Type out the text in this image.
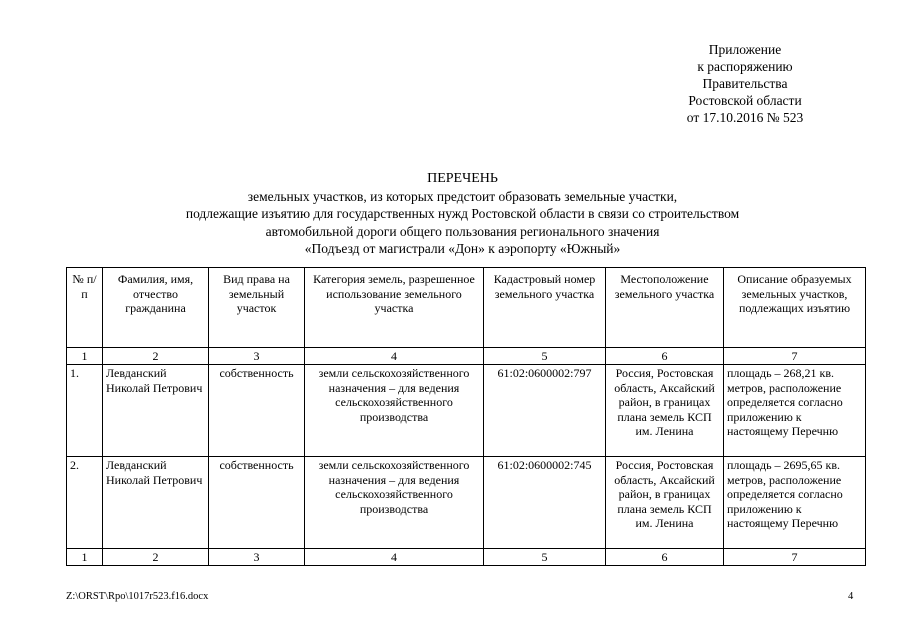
Приложение
к распоряжению
Правительства
Ростовской области
от 17.10.2016 № 523
ПЕРЕЧЕНЬ
земельных участков, из которых предстоит образовать земельные участки,
подлежащие изъятию для государственных нужд Ростовской области в связи со строительством
автомобильной дороги общего пользования регионального значения
«Подъезд от магистрали «Дон» к аэропорту «Южный»
№ п/п	Фамилия, имя, отчество гражданина	Вид права на земельный участок	Категория земель, разрешенное использование земельного участка	Кадастровый номер земельного участка	Местоположение земельного участка	Описание образуемых земельных участков, подлежащих изъятию
1	2	3	4	5	6	7
1.	Левданский Николай Петрович	собственность	земли сельскохозяйственного назначения – для ведения сельскохозяйственного производства	61:02:0600002:797	Россия, Ростовская область, Аксайский район, в границах плана земель КСП им. Ленина	площадь – 268,21 кв. метров, расположение определяется согласно приложению к настоящему Перечню
2.	Левданский Николай Петрович	собственность	земли сельскохозяйственного назначения – для ведения сельскохозяйственного производства	61:02:0600002:745	Россия, Ростовская область, Аксайский район, в границах плана земель КСП им. Ленина	площадь – 2695,65 кв. метров, расположение определяется согласно приложению к настоящему Перечню
1	2	3	4	5	6	7
Z:\ORST\Rpo\1017r523.f16.docx	4
